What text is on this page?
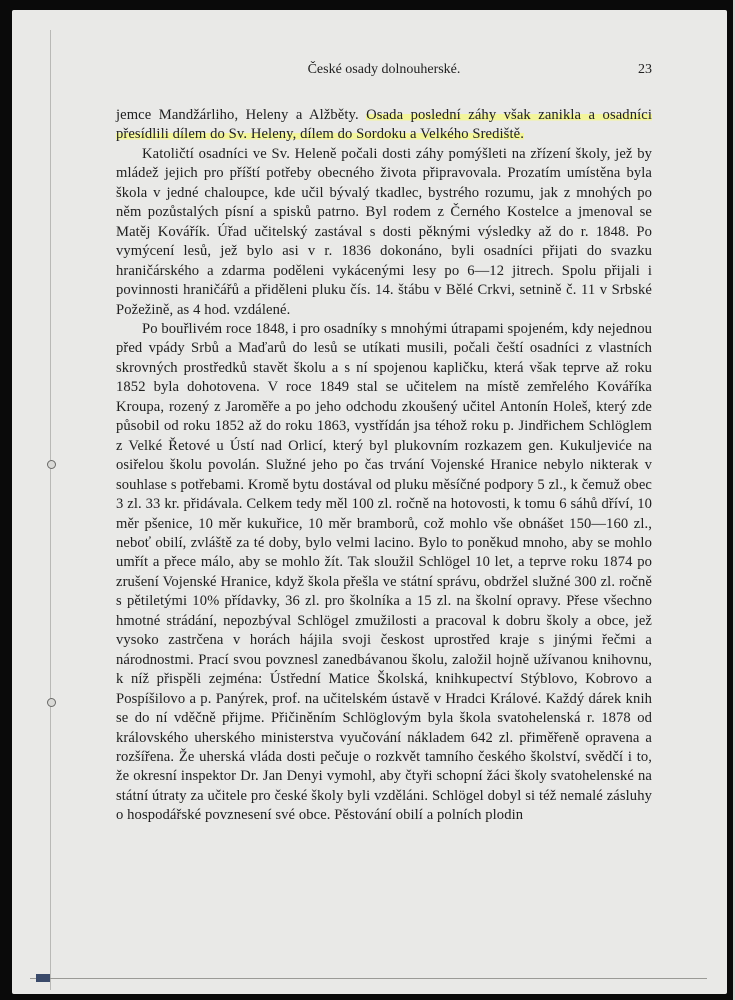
České osady dolnouherské.	23

jemce Mandžárliho, Heleny a Alžběty. Osada poslední záhy však zanikla a osadníci přesídlili dílem do Sv. Heleny, dílem do Sordoku a Velkého Srediště.

Katoličtí osadníci ve Sv. Heleně počali dosti záhy pomýšleti na zřízení školy, jež by mládež jejich pro příští potřeby obecného života připravovala. Prozatím umístěna byla škola v jedné chaloupce, kde učil bývalý tkadlec, bystrého rozumu, jak z mnohých po něm pozůstalých písní a spisků patrno. Byl rodem z Černého Kostelce a jmenoval se Matěj Kovářík. Úřad učitelský zastával s dosti pěknými výsledky až do r. 1848. Po vymýcení lesů, jež bylo asi v r. 1836 dokonáno, byli osadníci přijati do svazku hraničárského a zdarma poděleni vykácenými lesy po 6—12 jitrech. Spolu přijali i povinnosti hraničářů a přiděleni pluku čís. 14. štábu v Bělé Crkvi, setnině č. 11 v Srbské Požežině, as 4 hod. vzdálené.

Po bouřlivém roce 1848, i pro osadníky s mnohými útrapami spojeném, kdy nejednou před vpády Srbů a Maďarů do lesů se utíkati musili, počali čeští osadníci z vlastních skrovných prostředků stavět školu a s ní spojenou kapličku, která však teprve až roku 1852 byla dohotovena. V roce 1849 stal se učitelem na místě zemřelého Kováříka Kroupa, rozený z Jaroměře a po jeho odchodu zkoušený učitel Antonín Holeš, který zde působil od roku 1852 až do roku 1863, vystřídán jsa téhož roku p. Jindřichem Schlöglem z Velké Řetové u Ústí nad Orlicí, který byl plukovním rozkazem gen. Kukuljeviće na osiřelou školu povolán. Služné jeho po čas trvání Vojenské Hranice nebylo nikterak v souhlase s potřebami. Kromě bytu dostával od pluku měsíčné podpory 5 zl., k čemuž obec 3 zl. 33 kr. přidávala. Celkem tedy měl 100 zl. ročně na hotovosti, k tomu 6 sáhů dříví, 10 měr pšenice, 10 měr kukuřice, 10 měr bramborů, což mohlo vše obnášet 150—160 zl., neboť obilí, zvláště za té doby, bylo velmi lacino. Bylo to poněkud mnoho, aby se mohlo umřít a přece málo, aby se mohlo žít. Tak sloužil Schlögel 10 let, a teprve roku 1874 po zrušení Vojenské Hranice, když škola přešla ve státní správu, obdržel služné 300 zl. ročně s pětiletými 10% přídavky, 36 zl. pro školníka a 15 zl. na školní opravy. Přese všechno hmotné strádání, nepozbýval Schlögel zmužilosti a pracoval k dobru školy a obce, jež vysoko zastrčena v horách hájila svoji českost uprostřed kraje s jinými řečmi a národnostmi. Prací svou povznesl zanedbávanou školu, založil hojně užívanou knihovnu, k níž přispěli zejména: Ústřední Matice Školská, knihkupectví Stýblovo, Kobrovo a Pospíšilovo a p. Panýrek, prof. na učitelském ústavě v Hradci Králové. Každý dárek knih se do ní vděčně přijme. Přičiněním Schlöglovým byla škola svatohelenská r. 1878 od královského uherského ministerstva vyučování nákladem 642 zl. přiměřeně opravena a rozšířena. Že uherská vláda dosti pečuje o rozkvět tamního českého školství, svědčí i to, že okresní inspektor Dr. Jan Denyi vymohl, aby čtyři schopní žáci školy svatohelenské na státní útraty za učitele pro české školy byli vzděláni. Schlögel dobyl si též nemalé zásluhy o hospodářské povznesení své obce. Pěstování obilí a polních plodin
